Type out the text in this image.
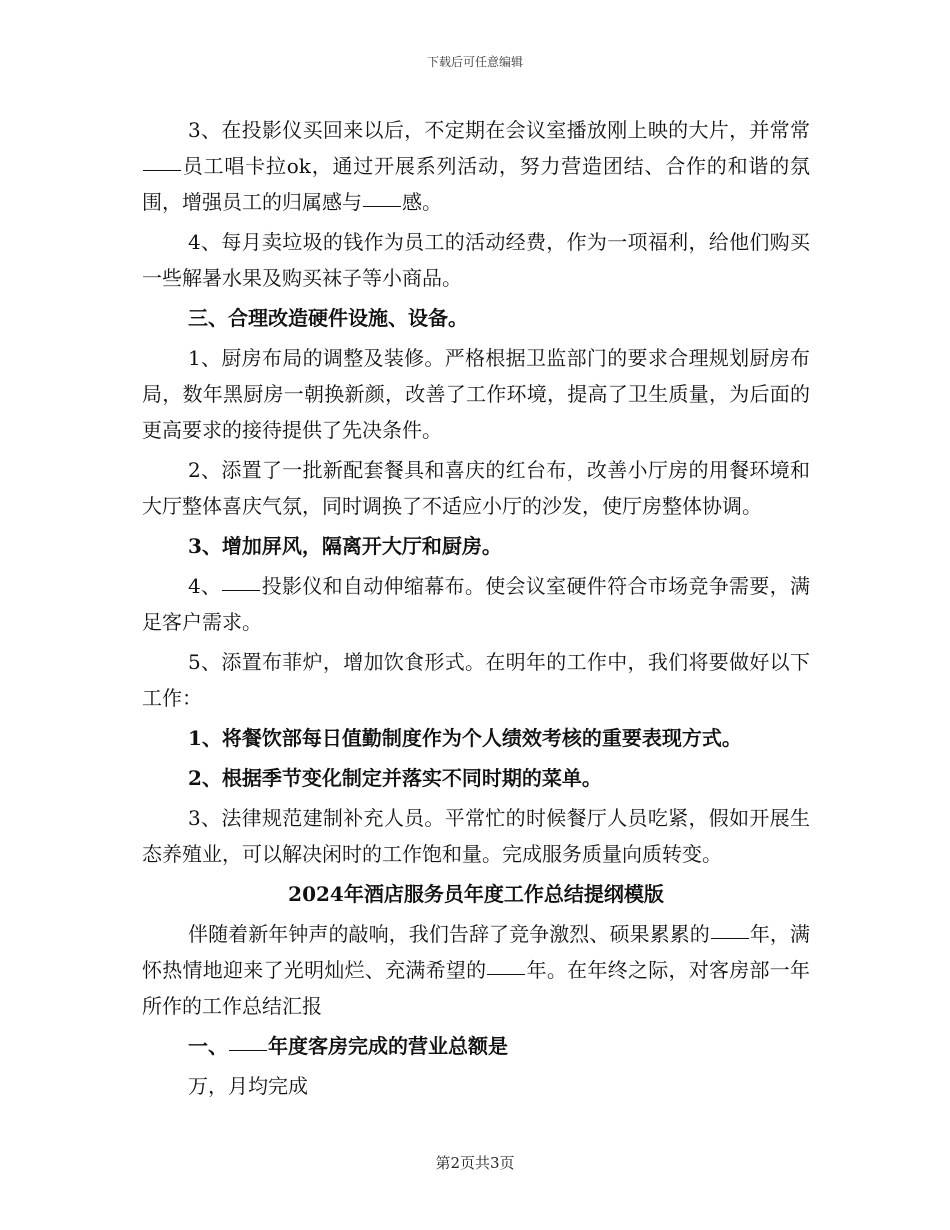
下载后可任意编辑

3、在投影仪买回来以后，不定期在会议室播放刚上映的大片，并常常员工唱卡拉ok，通过开展系列活动，努力营造团结、合作的和谐的氛围，增强员工的归属感与 感。

4、每月卖垃圾的钱作为员工的活动经费，作为一项福利，给他们购买一些解暑水果及购买袜子等小商品。

三、合理改造硬件设施、设备。

1、厨房布局的调整及装修。严格根据卫监部门的要求合理规划厨房布局，数年黑厨房一朝换新颜，改善了工作环境，提高了卫生质量，为后面的更高要求的接待提供了先决条件。

2、添置了一批新配套餐具和喜庆的红台布，改善小厅房的用餐环境和大厅整体喜庆气氛，同时调换了不适应小厅的沙发，使厅房整体协调。

3、增加屏风，隔离开大厅和厨房。

4、 投影仪和自动伸缩幕布。使会议室硬件符合市场竞争需要，满足客户需求。

5、添置布菲炉，增加饮食形式。在明年的工作中，我们将要做好以下工作：

1、将餐饮部每日值勤制度作为个人绩效考核的重要表现方式。

2、根据季节变化制定并落实不同时期的菜单。

3、法律规范建制补充人员。平常忙的时候餐厅人员吃紧，假如开展生态养殖业，可以解决闲时的工作饱和量。完成服务质量向质转变。

2024年酒店服务员年度工作总结提纲模版

伴随着新年钟声的敲响，我们告辞了竞争激烈、硕果累累的 年，满怀热情地迎来了光明灿烂、充满希望的 年。在年终之际，对客房部一年所作的工作总结汇报

一、 年度客房完成的营业总额是

万，月均完成

第2页共3页
